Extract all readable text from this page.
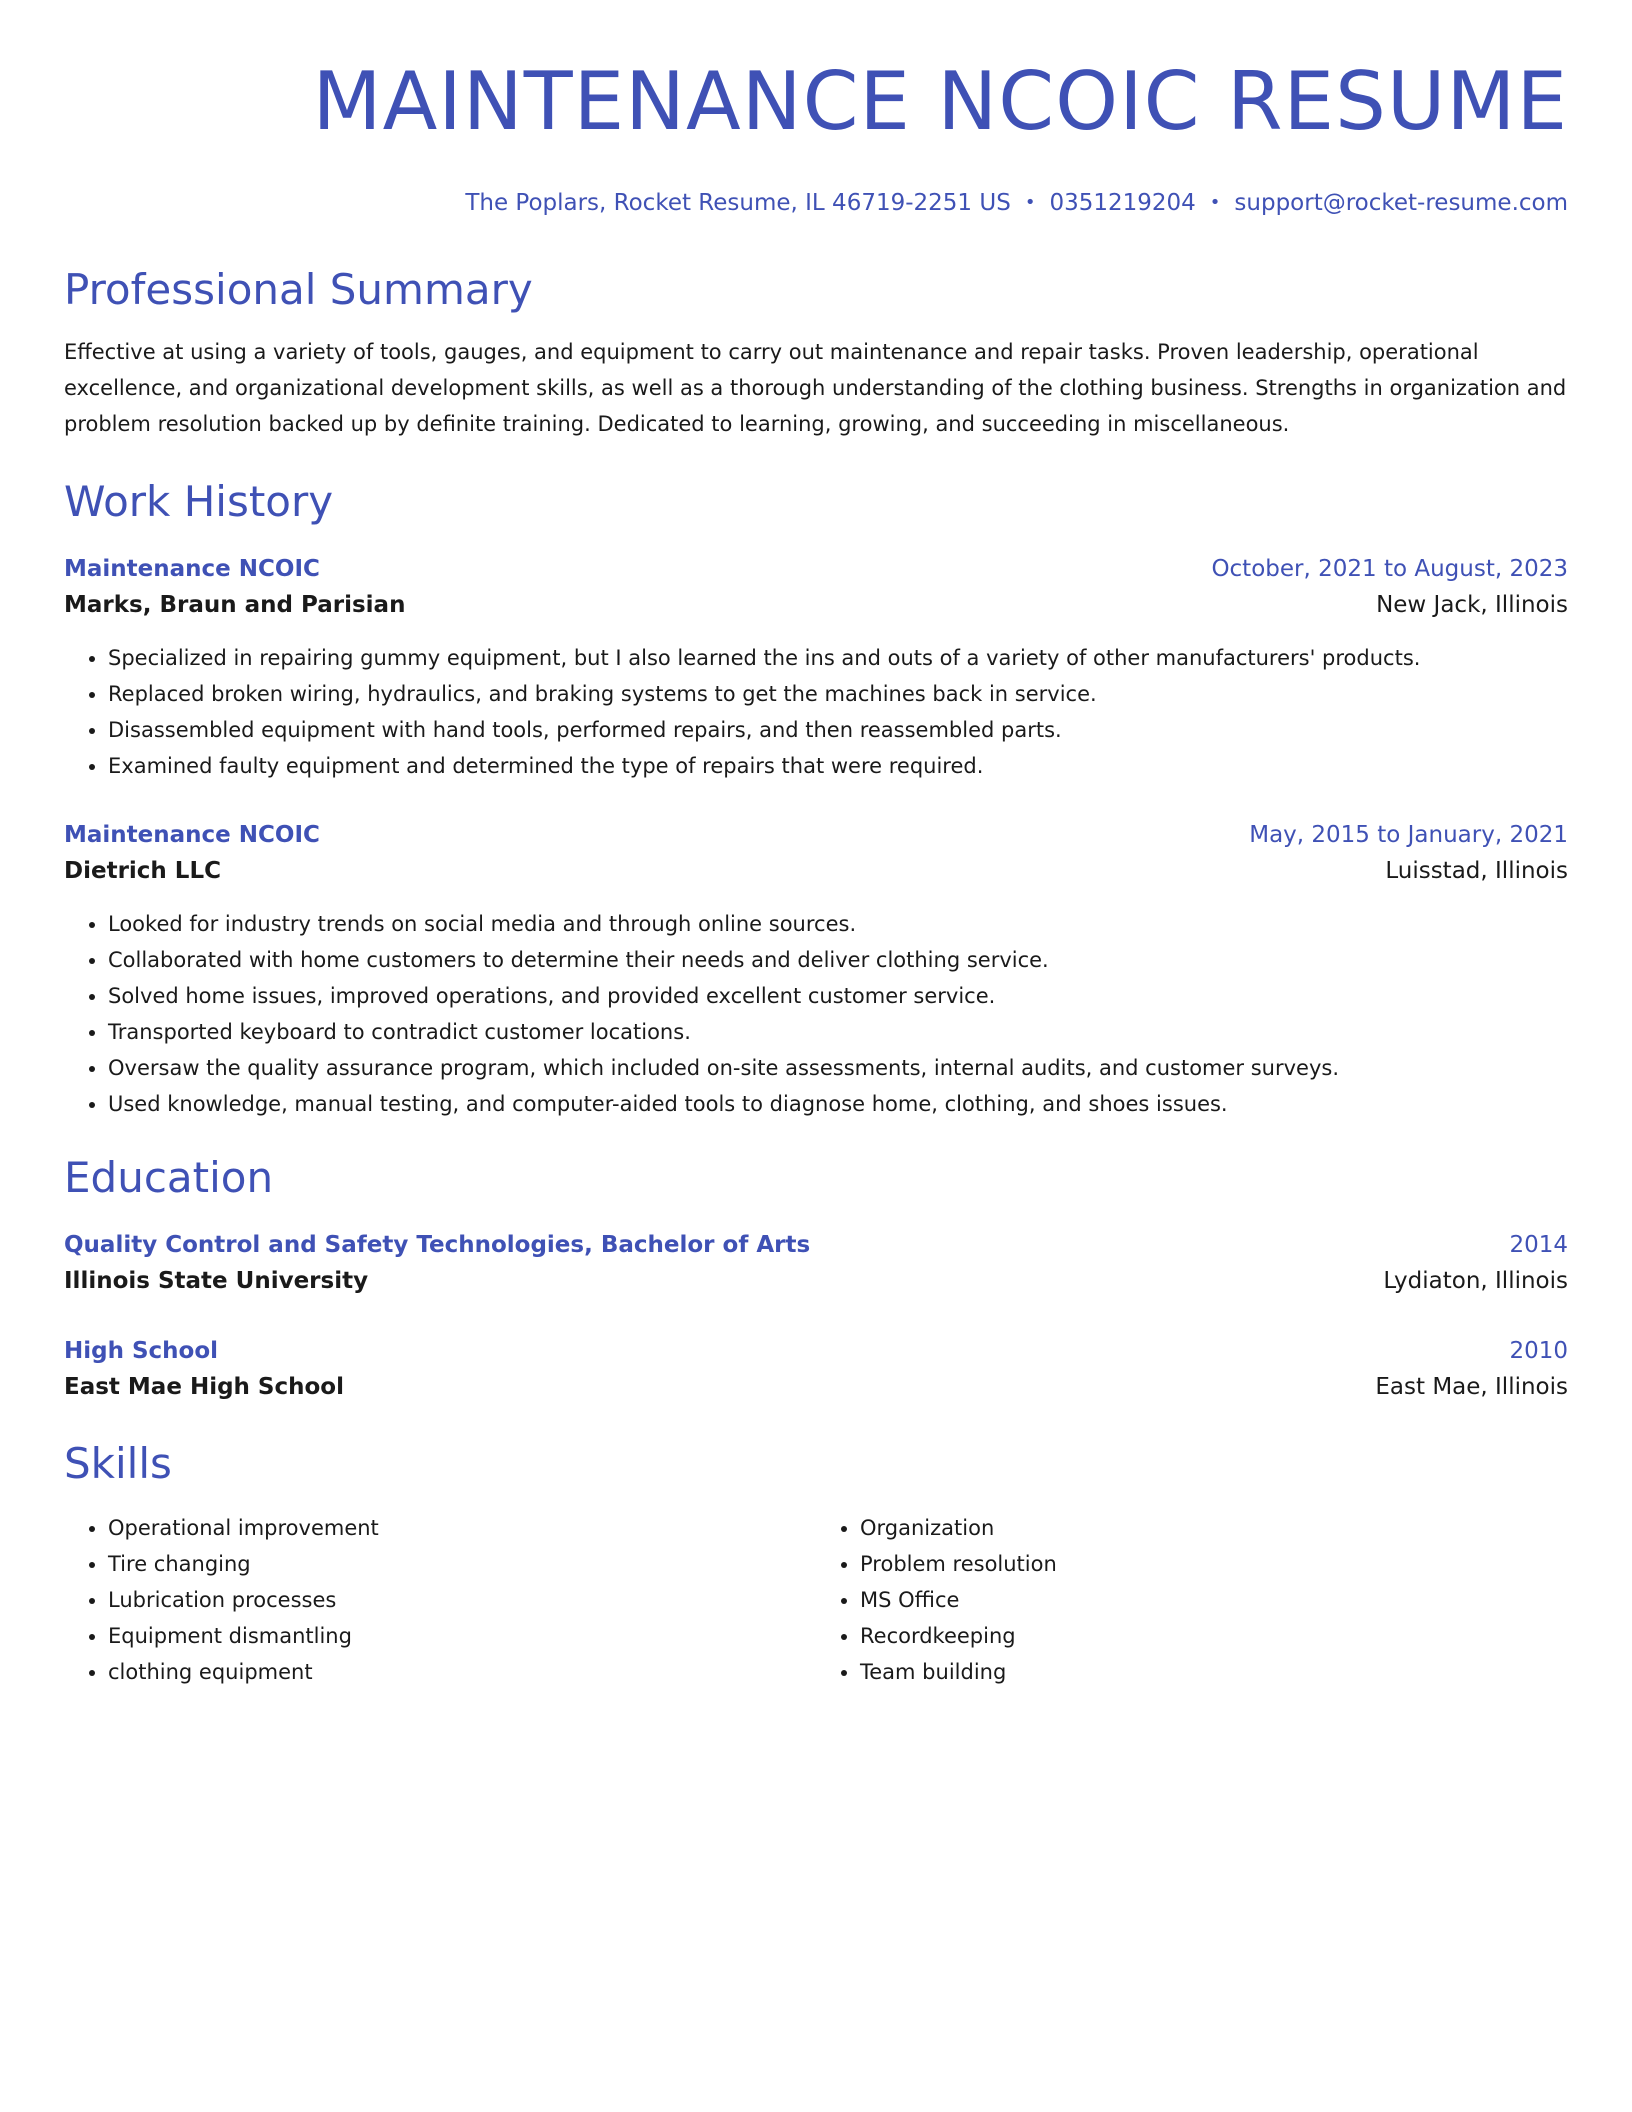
MAINTENANCE NCOIC RESUME
The Poplars, Rocket Resume, IL 46719-2251 US • 0351219204 • support@rocket-resume.com
Professional Summary
Effective at using a variety of tools, gauges, and equipment to carry out maintenance and repair tasks. Proven leadership, operational excellence, and organizational development skills, as well as a thorough understanding of the clothing business. Strengths in organization and problem resolution backed up by definite training. Dedicated to learning, growing, and succeeding in miscellaneous.
Work History
Maintenance NCOIC	October, 2021 to August, 2023
Marks, Braun and Parisian	New Jack, Illinois
• Specialized in repairing gummy equipment, but I also learned the ins and outs of a variety of other manufacturers' products.
• Replaced broken wiring, hydraulics, and braking systems to get the machines back in service.
• Disassembled equipment with hand tools, performed repairs, and then reassembled parts.
• Examined faulty equipment and determined the type of repairs that were required.
Maintenance NCOIC	May, 2015 to January, 2021
Dietrich LLC	Luisstad, Illinois
• Looked for industry trends on social media and through online sources.
• Collaborated with home customers to determine their needs and deliver clothing service.
• Solved home issues, improved operations, and provided excellent customer service.
• Transported keyboard to contradict customer locations.
• Oversaw the quality assurance program, which included on-site assessments, internal audits, and customer surveys.
• Used knowledge, manual testing, and computer-aided tools to diagnose home, clothing, and shoes issues.
Education
Quality Control and Safety Technologies, Bachelor of Arts	2014
Illinois State University	Lydiaton, Illinois
High School	2010
East Mae High School	East Mae, Illinois
Skills
• Operational improvement
• Tire changing
• Lubrication processes
• Equipment dismantling
• clothing equipment
• Organization
• Problem resolution
• MS Office
• Recordkeeping
• Team building
